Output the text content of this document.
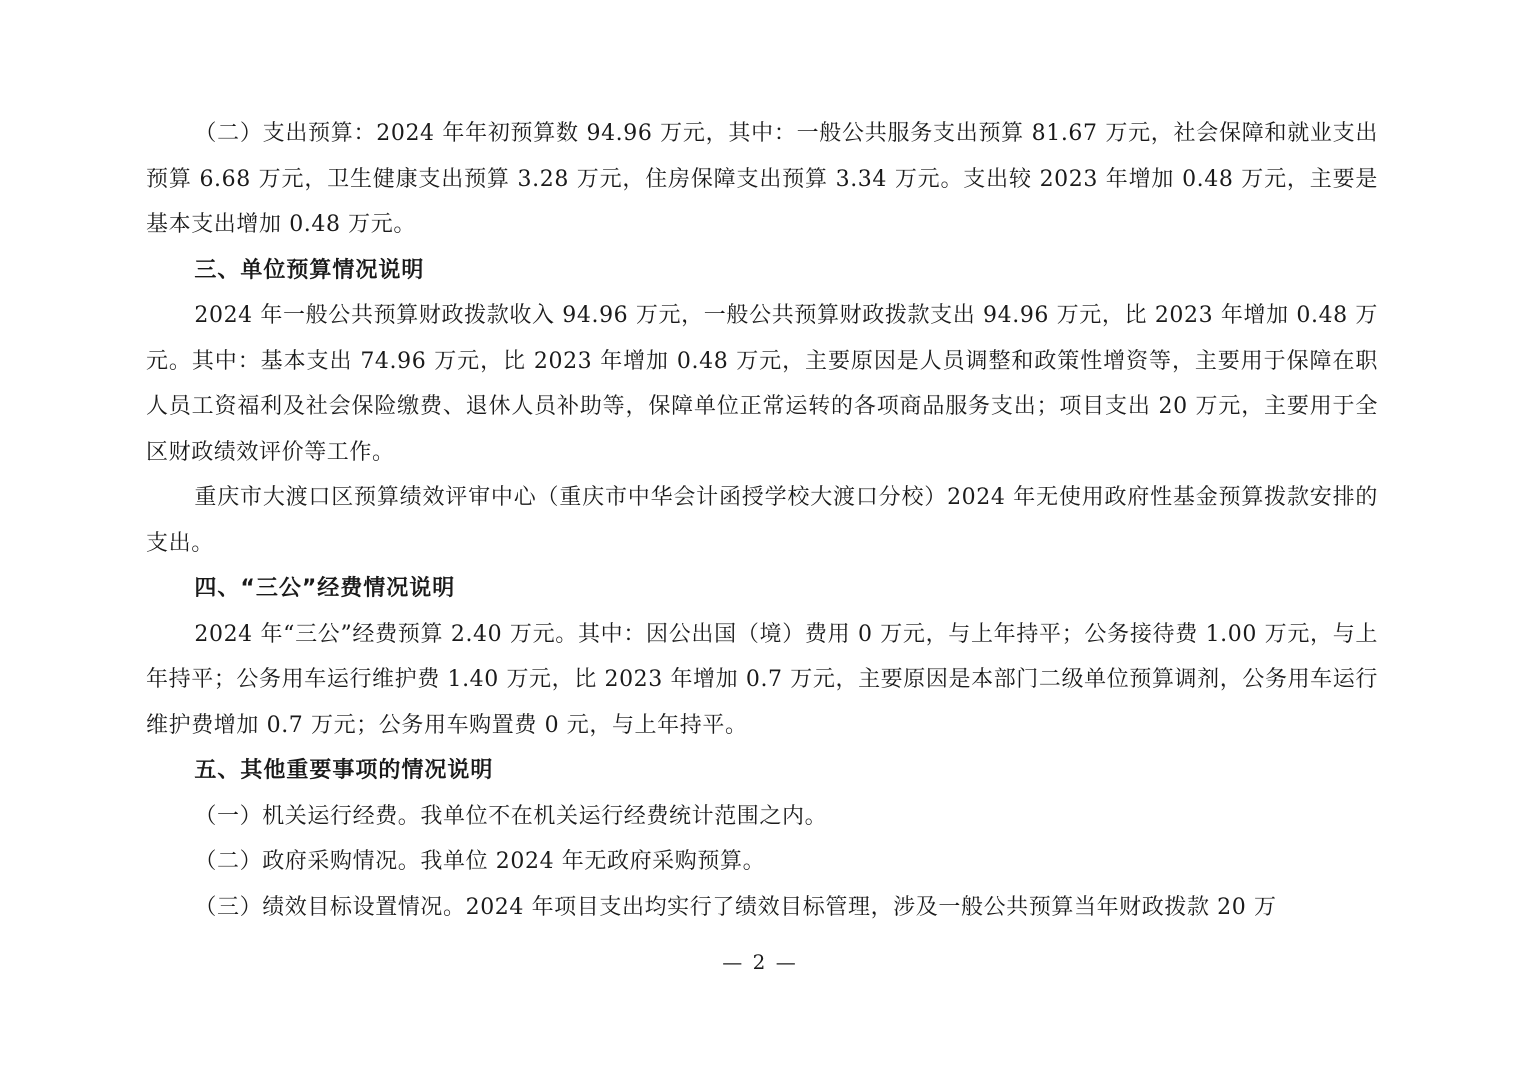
（二）支出预算：2024 年年初预算数 94.96 万元，其中：一般公共服务支出预算 81.67 万元，社会保障和就业支出预算 6.68 万元，卫生健康支出预算 3.28 万元，住房保障支出预算 3.34 万元。支出较 2023 年增加 0.48 万元，主要是基本支出增加 0.48 万元。

三、单位预算情况说明

2024 年一般公共预算财政拨款收入 94.96 万元，一般公共预算财政拨款支出 94.96 万元，比 2023 年增加 0.48 万元。其中：基本支出 74.96 万元，比 2023 年增加 0.48 万元，主要原因是人员调整和政策性增资等，主要用于保障在职人员工资福利及社会保险缴费、退休人员补助等，保障单位正常运转的各项商品服务支出；项目支出 20 万元，主要用于全区财政绩效评价等工作。

重庆市大渡口区预算绩效评审中心（重庆市中华会计函授学校大渡口分校）2024 年无使用政府性基金预算拨款安排的支出。

四、“三公”经费情况说明

2024 年“三公”经费预算 2.40 万元。其中：因公出国（境）费用 0 万元，与上年持平；公务接待费 1.00 万元，与上年持平；公务用车运行维护费 1.40 万元，比 2023 年增加 0.7 万元，主要原因是本部门二级单位预算调剂，公务用车运行维护费增加 0.7 万元；公务用车购置费 0 元，与上年持平。

五、其他重要事项的情况说明

（一）机关运行经费。我单位不在机关运行经费统计范围之内。

（二）政府采购情况。我单位 2024 年无政府采购预算。

（三）绩效目标设置情况。2024 年项目支出均实行了绩效目标管理，涉及一般公共预算当年财政拨款 20 万

— 2 —
